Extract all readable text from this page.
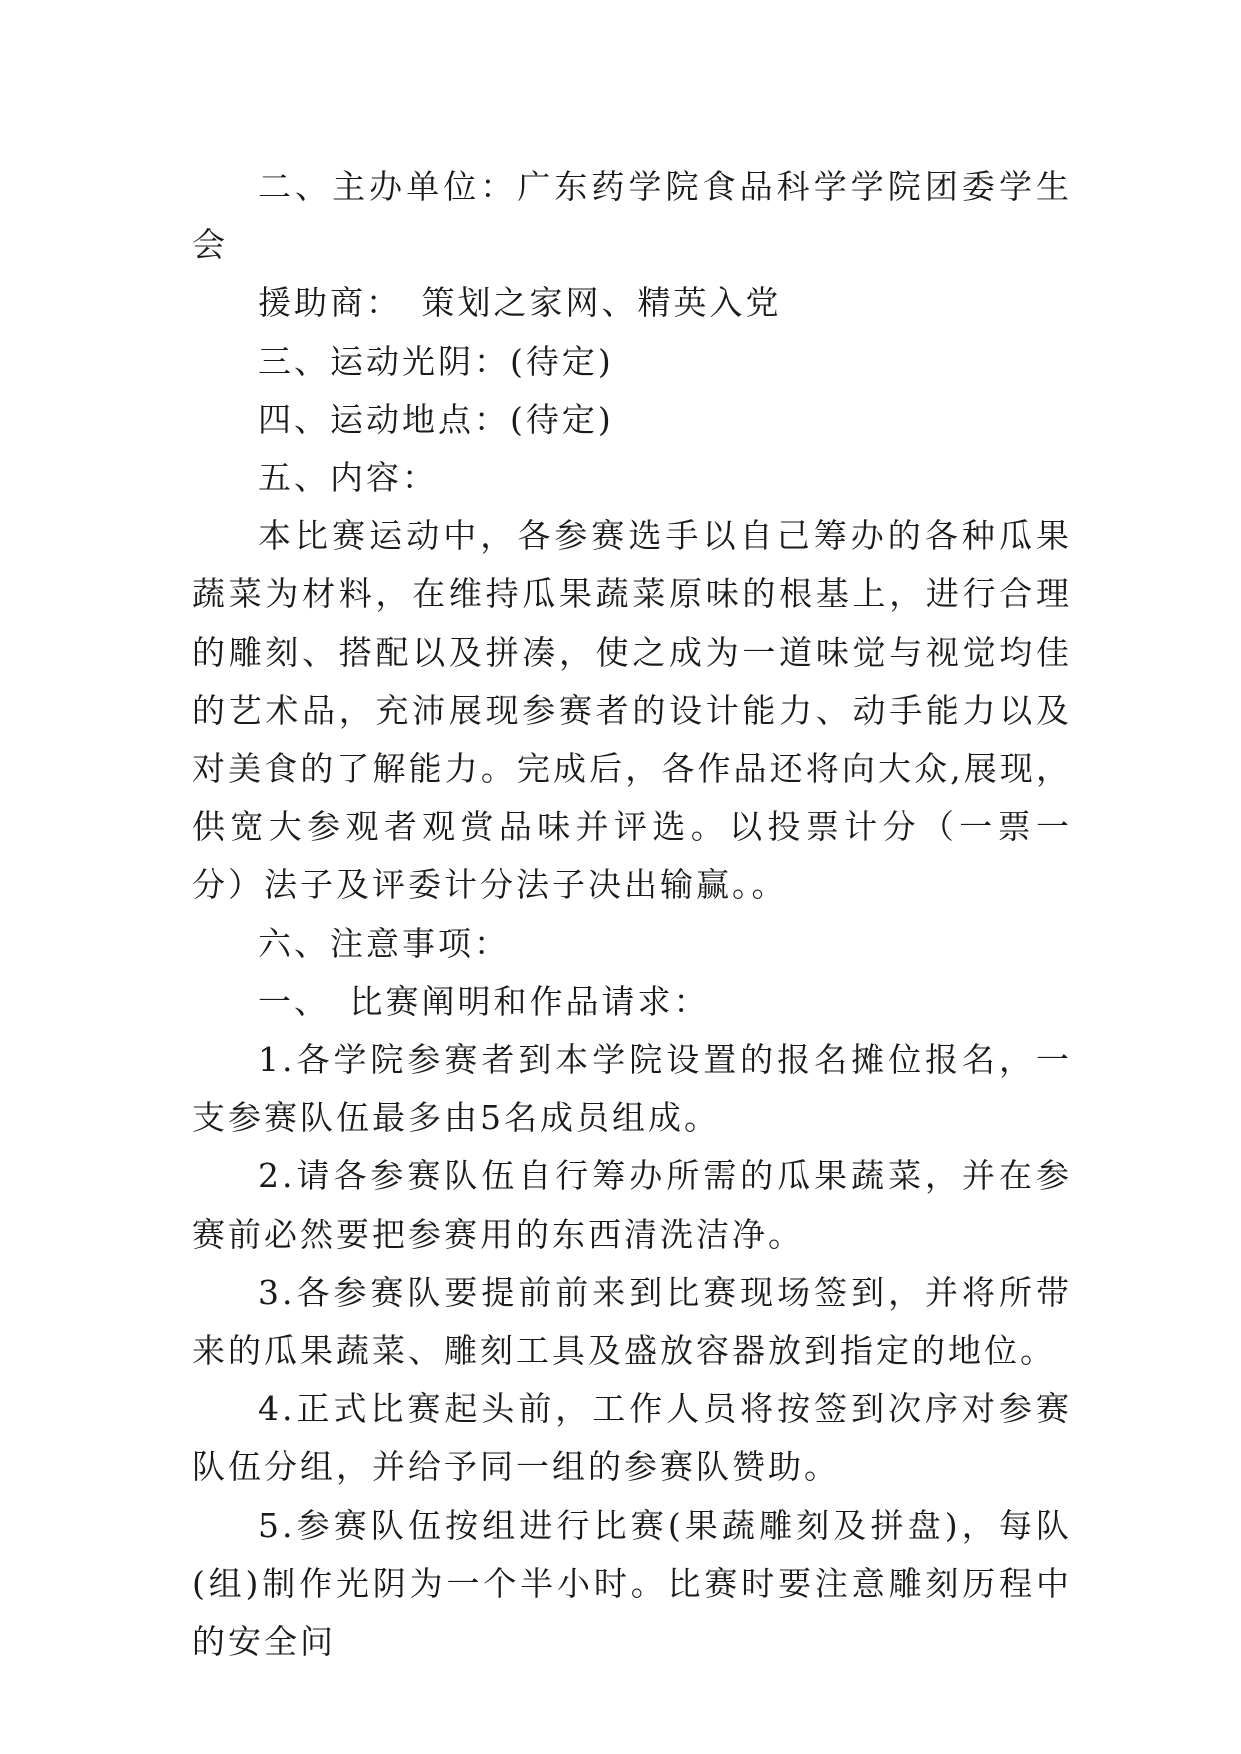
二、主办单位：广东药学院食品科学学院团委学生会

援助商：　策划之家网、精英入党

三、运动光阴：(待定)

四、运动地点：(待定)

五、内容：

本比赛运动中，各参赛选手以自己筹办的各种瓜果蔬菜为材料，在维持瓜果蔬菜原味的根基上，进行合理的雕刻、搭配以及拼凑，使之成为一道味觉与视觉均佳的艺术品，充沛展现参赛者的设计能力、动手能力以及对美食的了解能力。完成后，各作品还将向大众,展现，供宽大参观者观赏品味并评选。以投票计分（一票一分）法子及评委计分法子决出输赢。。

六、注意事项：

一、　比赛阐明和作品请求：

1.各学院参赛者到本学院设置的报名摊位报名，一支参赛队伍最多由5名成员组成。

2.请各参赛队伍自行筹办所需的瓜果蔬菜，并在参赛前必然要把参赛用的东西清洗洁净。

3.各参赛队要提前前来到比赛现场签到，并将所带来的瓜果蔬菜、雕刻工具及盛放容器放到指定的地位。

4.正式比赛起头前，工作人员将按签到次序对参赛队伍分组，并给予同一组的参赛队赞助。

5.参赛队伍按组进行比赛(果蔬雕刻及拼盘)，每队(组)制作光阴为一个半小时。比赛时要注意雕刻历程中的安全问
